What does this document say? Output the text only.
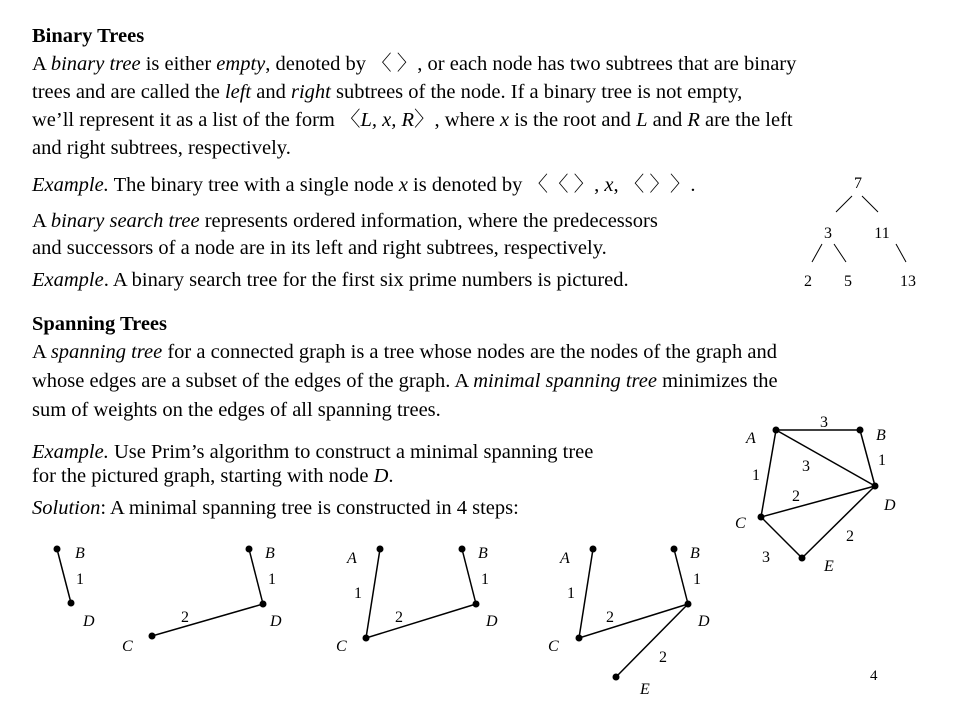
Binary Trees
A binary tree is either empty, denoted by 〈 〉, or each node has two subtrees that are binary
trees and are called the left and right subtrees of the node. If a binary tree is not empty,
we’ll represent it as a list of the form 〈L, x, R〉, where x is the root and L and R are the left
and right subtrees, respectively.
Example. The binary tree with a single node x is denoted by 〈〈 〉, x, 〈 〉〉.
A binary search tree represents ordered information, where the predecessors
and successors of a node are in its left and right subtrees, respectively.
Example. A binary search tree for the first six prime numbers is pictured.
Spanning Trees
A spanning tree for a connected graph is a tree whose nodes are the nodes of the graph and
whose edges are a subset of the edges of the graph. A minimal spanning tree minimizes the
sum of weights on the edges of all spanning trees.
Example. Use Prim’s algorithm to construct a minimal spanning tree
for the pictured graph, starting with node D.
Solution: A minimal spanning tree is constructed in 4 steps:
7
3	11
2 5	13
A	B
C
D
E
3
1
3	1
2
2
3
B
D
1
B
D
C
1
2
A	B
C
D
1
1
2
A	B
C
D
E
1
1
2
2
4
